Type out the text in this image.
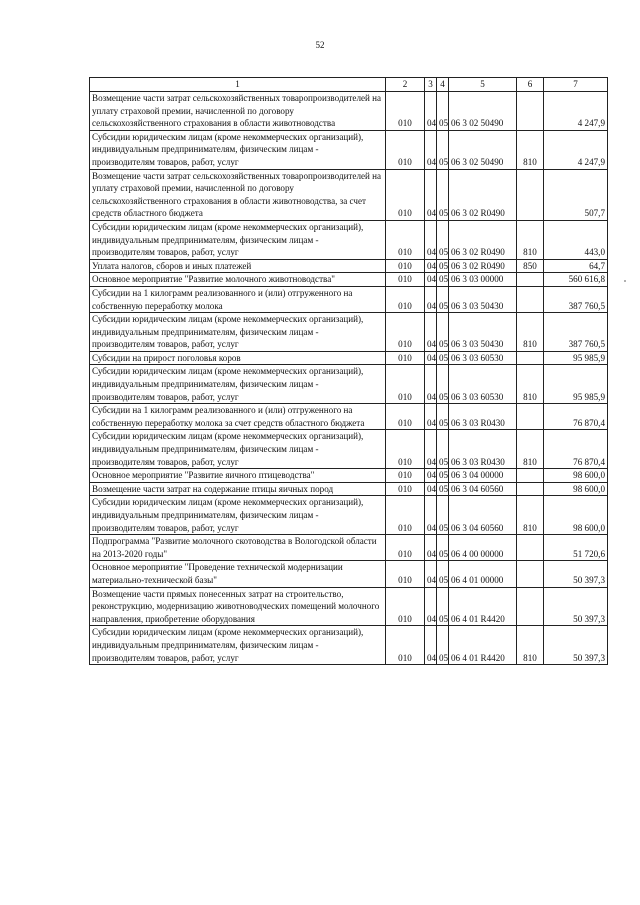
52
1	2	3	4	5	6	7
Возмещение части затрат сельскохозяйственных товаропроизводителей на уплату страховой премии, начисленной по договору сельскохозяйственного страхования в области животноводства	010	04	05	06 3 02 50490		4 247,9
Субсидии юридическим лицам (кроме некоммерческих организаций), индивидуальным предпринимателям, физическим лицам - производителям товаров, работ, услуг	010	04	05	06 3 02 50490	810	4 247,9
Возмещение части затрат сельскохозяйственных товаропроизводителей на уплату страховой премии, начисленной по договору сельскохозяйственного страхования в области животноводства, за счет средств областного бюджета	010	04	05	06 3 02 R0490		507,7
Субсидии юридическим лицам (кроме некоммерческих организаций), индивидуальным предпринимателям, физическим лицам - производителям товаров, работ, услуг	010	04	05	06 3 02 R0490	810	443,0
Уплата налогов, сборов и иных платежей	010	04	05	06 3 02 R0490	850	64,7
Основное мероприятие "Развитие молочного животноводства"	010	04	05	06 3 03 00000		560 616,8
Субсидии на 1 килограмм реализованного и (или) отгруженного на собственную переработку молока	010	04	05	06 3 03 50430		387 760,5
Субсидии юридическим лицам (кроме некоммерческих организаций), индивидуальным предпринимателям, физическим лицам - производителям товаров, работ, услуг	010	04	05	06 3 03 50430	810	387 760,5
Субсидии на прирост поголовья коров	010	04	05	06 3 03 60530		95 985,9
Субсидии юридическим лицам (кроме некоммерческих организаций), индивидуальным предпринимателям, физическим лицам - производителям товаров, работ, услуг	010	04	05	06 3 03 60530	810	95 985,9
Субсидии на 1 килограмм реализованного и (или) отгруженного на собственную переработку молока за счет средств областного бюджета	010	04	05	06 3 03 R0430		76 870,4
Субсидии юридическим лицам (кроме некоммерческих организаций), индивидуальным предпринимателям, физическим лицам - производителям товаров, работ, услуг	010	04	05	06 3 03 R0430	810	76 870,4
Основное мероприятие "Развитие яичного птицеводства"	010	04	05	06 3 04 00000		98 600,0
Возмещение части затрат на содержание птицы яичных пород	010	04	05	06 3 04 60560		98 600,0
Субсидии юридическим лицам (кроме некоммерческих организаций), индивидуальным предпринимателям, физическим лицам - производителям товаров, работ, услуг	010	04	05	06 3 04 60560	810	98 600,0
Подпрограмма "Развитие молочного скотоводства в Вологодской области на 2013-2020 годы"	010	04	05	06 4 00 00000		51 720,6
Основное мероприятие "Проведение технической модернизации материально-технической базы"	010	04	05	06 4 01 00000		50 397,3
Возмещение части прямых понесенных затрат на строительство, реконструкцию, модернизацию животноводческих помещений молочного направления, приобретение оборудования	010	04	05	06 4 01 R4420		50 397,3
Субсидии юридическим лицам (кроме некоммерческих организаций), индивидуальным предпринимателям, физическим лицам - производителям товаров, работ, услуг	010	04	05	06 4 01 R4420	810	50 397,3
